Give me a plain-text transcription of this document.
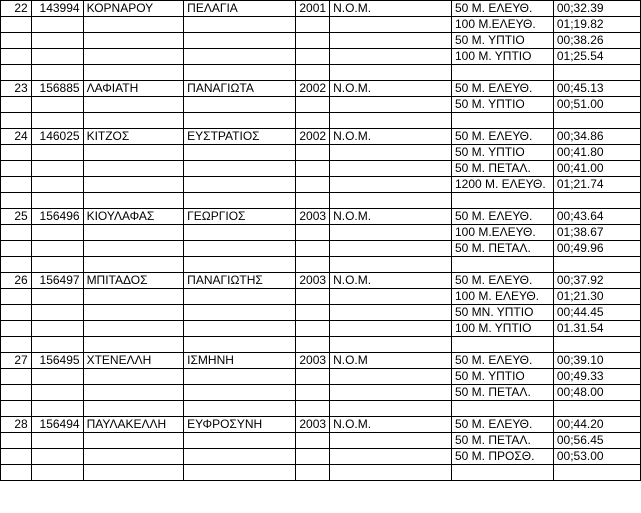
22	143994	ΚΟΡΝΑΡΟΥ	ΠΕΛΑΓΙΑ	2001	Ν.Ο.Μ.	50 Μ. ΕΛΕΥΘ.	00;32.39
						100 Μ.ΕΛΕΥΘ.	01;19.82
						50 Μ. ΥΠΤΙΟ	00;38.26
						100 Μ. ΥΠΤΙΟ	01;25.54

23	156885	ΛΑΦΙΑΤΗ	ΠΑΝΑΓΙΩΤΑ	2002	Ν.Ο.Μ.	50 Μ. ΕΛΕΥΘ.	00;45.13
						50 Μ. ΥΠΤΙΟ	00;51.00

24	146025	ΚΙΤΖΟΣ	ΕΥΣΤΡΑΤΙΟΣ	2002	Ν.Ο.Μ.	50 Μ. ΕΛΕΥΘ.	00;34.86
						50 Μ. ΥΠΤΙΟ	00;41.80
						50 Μ. ΠΕΤΑΛ.	00;41.00
						1200 Μ. ΕΛΕΥΘ.	01;21.74

25	156496	ΚΙΟΥΛΑΦΑΣ	ΓΕΩΡΓΙΟΣ	2003	Ν.Ο.Μ.	50 Μ. ΕΛΕΥΘ.	00;43.64
						100 Μ.ΕΛΕΥΘ.	01;38.67
						50 Μ. ΠΕΤΑΛ.	00;49.96

26	156497	ΜΠΙΤΑΔΟΣ	ΠΑΝΑΓΙΩΤΗΣ	2003	Ν.Ο.Μ.	50 Μ. ΕΛΕΥΘ.	00;37.92
						100 Μ. ΕΛΕΥΘ.	01;21.30
						50 ΜΝ. ΥΠΤΙΟ	00;44.45
						100 Μ. ΥΠΤΙΟ	01.31.54

27	156495	ΧΤΕΝΕΛΛΗ	ΙΣΜΗΝΗ	2003	Ν.Ο.Μ	50 Μ. ΕΛΕΥΘ.	00;39.10
						50 Μ. ΥΠΤΙΟ	00;49.33
						50 Μ. ΠΕΤΑΛ.	00;48.00

28	156494	ΠΑΥΛΑΚΕΛΛΗ	ΕΥΦΡΟΣΥΝΗ	2003	Ν.Ο.Μ.	50 Μ. ΕΛΕΥΘ.	00;44.20
						50 Μ. ΠΕΤΑΛ.	00;56.45
						50 Μ. ΠΡΟΣΘ.	00;53.00
